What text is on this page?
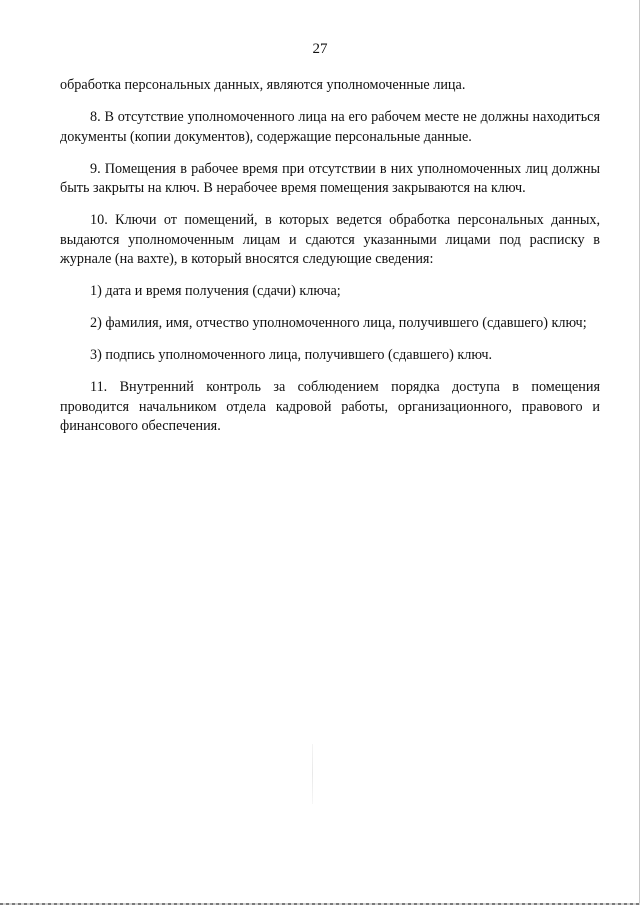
27

обработка персональных данных, являются уполномоченные лица.

8. В отсутствие уполномоченного лица на его рабочем месте не должны находиться документы (копии документов), содержащие персональные данные.

9. Помещения в рабочее время при отсутствии в них уполномоченных лиц должны быть закрыты на ключ. В нерабочее время помещения закрываются на ключ.

10. Ключи от помещений, в которых ведется обработка персональных данных, выдаются уполномоченным лицам и сдаются указанными лицами под расписку в журнале (на вахте), в который вносятся следующие сведения:

1) дата и время получения (сдачи) ключа;

2) фамилия, имя, отчество уполномоченного лица, получившего (сдавшего) ключ;

3) подпись уполномоченного лица, получившего (сдавшего) ключ.

11. Внутренний контроль за соблюдением порядка доступа в помещения проводится начальником отдела кадровой работы, организационного, правового и финансового обеспечения.
